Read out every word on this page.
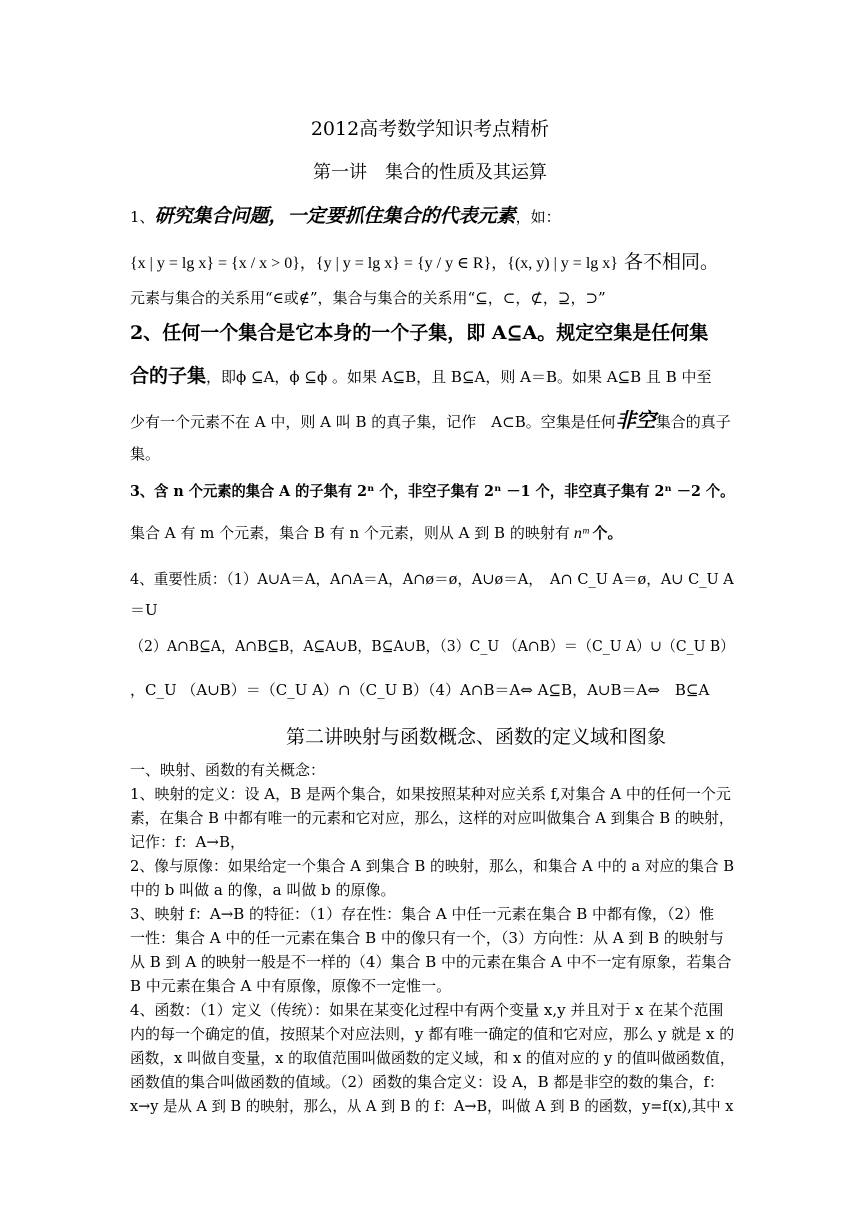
2012高考数学知识考点精析
第一讲　集合的性质及其运算
1、研究集合问题，一定要抓住集合的代表元素，如：
{x | y = lg x} = {x / x > 0}，{y | y = lg x} = {y / y ∈ R}，{(x, y) | y = lg x} 各不相同。
元素与集合的关系用“∈或∉”，集合与集合的关系用“⊆，⊂，⊄，⊇，⊃”
2、任何一个集合是它本身的一个子集，即 A⊆A。规定空集是任何集
合的子集，即ϕ ⊆A，ϕ ⊆ϕ 。如果 A⊆B，且 B⊆A，则 A＝B。如果 A⊆B 且 B 中至
少有一个元素不在 A 中，则 A 叫 B 的真子集，记作　A⊂B。空集是任何非空集合的真子
集。
3、含 n 个元素的集合 A 的子集有 2ⁿ 个，非空子集有 2ⁿ －1 个，非空真子集有 2ⁿ －2 个。
集合 A 有 m 个元素，集合 B 有 n 个元素，则从 A 到 B 的映射有 nᵐ 个。
4、重要性质：（1）A∪A＝A，A∩A＝A，A∩ø＝ø，A∪ø＝A，　A∩ C_U A＝ø，A∪ C_U A
＝U
（2）A∩B⊆A，A∩B⊆B，A⊆A∪B，B⊆A∪B，（3）C_U （A∩B）＝（C_U A）∪（C_U B）
，C_U （A∪B）＝（C_U A）∩（C_U B）（4）A∩B＝A⇔ A⊆B，A∪B＝A⇔　B⊆A
第二讲映射与函数概念、函数的定义域和图象
一、映射、函数的有关概念：
1、映射的定义：设 A，B 是两个集合，如果按照某种对应关系 f,对集合 A 中的任何一个元
素，在集合 B 中都有唯一的元素和它对应，那么，这样的对应叫做集合 A 到集合 B 的映射，
记作：f：A→B，
2、像与原像：如果给定一个集合 A 到集合 B 的映射，那么，和集合 A 中的 a 对应的集合 B
中的 b 叫做 a 的像，a 叫做 b 的原像。
3、映射 f：A→B 的特征：（1）存在性：集合 A 中任一元素在集合 B 中都有像，（2）惟
一性：集合 A 中的任一元素在集合 B 中的像只有一个，（3）方向性：从 A 到 B 的映射与
从 B 到 A 的映射一般是不一样的（4）集合 B 中的元素在集合 A 中不一定有原象，若集合
B 中元素在集合 A 中有原像，原像不一定惟一。
4、函数：（1）定义（传统）：如果在某变化过程中有两个变量 x,y 并且对于 x 在某个范围
内的每一个确定的值，按照某个对应法则，y 都有唯一确定的值和它对应，那么 y 就是 x 的
函数，x 叫做自变量，x 的取值范围叫做函数的定义域，和 x 的值对应的 y 的值叫做函数值，
函数值的集合叫做函数的值域。（2）函数的集合定义：设 A，B 都是非空的数的集合，f：
x→y 是从 A 到 B 的映射，那么，从 A 到 B 的 f：A→B，叫做 A 到 B 的函数，y=f(x),其中 x
